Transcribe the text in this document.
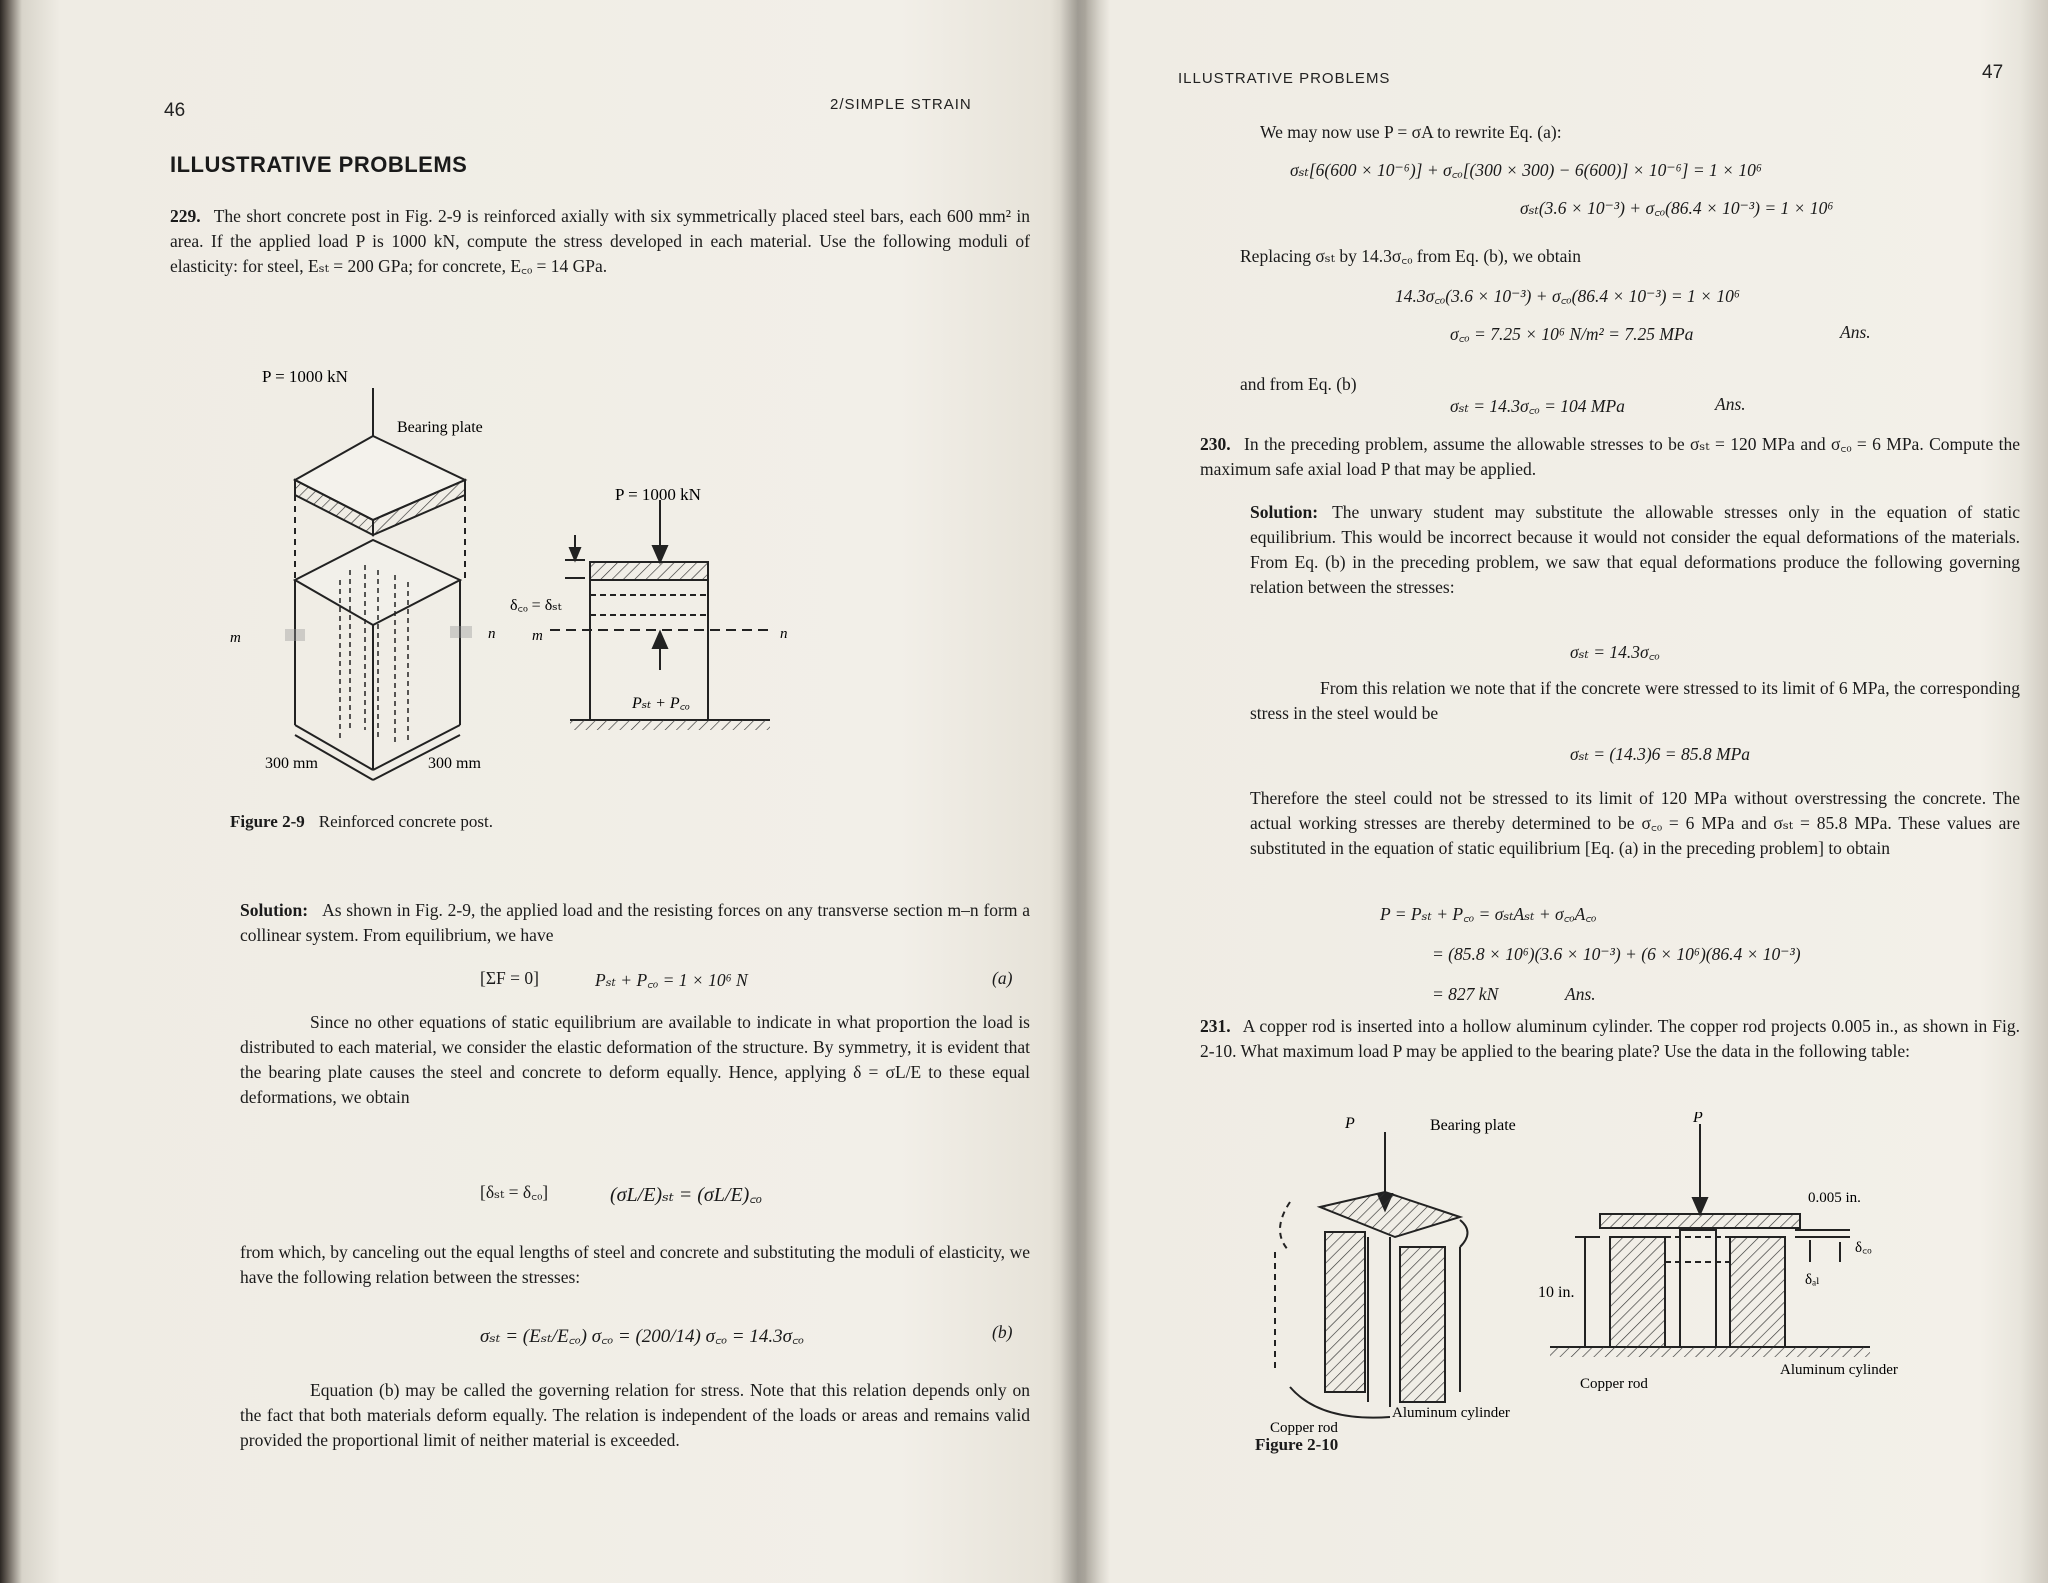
46	2/SIMPLE STRAIN
ILLUSTRATIVE PROBLEMS
229. The short concrete post in Fig. 2-9 is reinforced axially with six symmetrically placed steel bars, each 600 mm² in area. If the applied load P is 1000 kN, compute the stress developed in each material. Use the following moduli of elasticity: for steel, Eₛₜ = 200 GPa; for concrete, E꜀ₒ = 14 GPa.
P = 1000 kN
Bearing plate
m	n
300 mm	300 mm
P = 1000 kN
δ꜀ₒ = δₛₜ
m	n
Pₛₜ + P꜀ₒ
Figure 2-9 Reinforced concrete post.
Solution: As shown in Fig. 2-9, the applied load and the resisting forces on any transverse section m–n form a collinear system. From equilibrium, we have
[ΣF = 0]	Pₛₜ + P꜀ₒ = 1 × 10⁶ N	(a)
Since no other equations of static equilibrium are available to indicate in what proportion the load is distributed to each material, we consider the elastic deformation of the structure. By symmetry, it is evident that the bearing plate causes the steel and concrete to deform equally. Hence, applying δ = σL/E to these equal deformations, we obtain
[δₛₜ = δ꜀ₒ]	(σL/E)ₛₜ = (σL/E)꜀ₒ
from which, by canceling out the equal lengths of steel and concrete and substituting the moduli of elasticity, we have the following relation between the stresses:
σₛₜ = (Eₛₜ/E꜀ₒ) σ꜀ₒ = (200/14) σ꜀ₒ = 14.3σ꜀ₒ	(b)
Equation (b) may be called the governing relation for stress. Note that this relation depends only on the fact that both materials deform equally. The relation is independent of the loads or areas and remains valid provided the proportional limit of neither material is exceeded.
ILLUSTRATIVE PROBLEMS	47
We may now use P = σA to rewrite Eq. (a):
σₛₜ[6(600 × 10⁻⁶)] + σ꜀ₒ[(300 × 300) − 6(600)] × 10⁻⁶] = 1 × 10⁶
σₛₜ(3.6 × 10⁻³) + σ꜀ₒ(86.4 × 10⁻³) = 1 × 10⁶
Replacing σₛₜ by 14.3σ꜀ₒ from Eq. (b), we obtain
14.3σ꜀ₒ(3.6 × 10⁻³) + σ꜀ₒ(86.4 × 10⁻³) = 1 × 10⁶
σ꜀ₒ = 7.25 × 10⁶ N/m² = 7.25 MPa	Ans.
and from Eq. (b)
σₛₜ = 14.3σ꜀ₒ = 104 MPa	Ans.
230. In the preceding problem, assume the allowable stresses to be σₛₜ = 120 MPa and σ꜀ₒ = 6 MPa. Compute the maximum safe axial load P that may be applied.
Solution: The unwary student may substitute the allowable stresses only in the equation of static equilibrium. This would be incorrect because it would not consider the equal deformations of the materials. From Eq. (b) in the preceding problem, we saw that equal deformations produce the following governing relation between the stresses:
σₛₜ = 14.3σ꜀ₒ
From this relation we note that if the concrete were stressed to its limit of 6 MPa, the corresponding stress in the steel would be
σₛₜ = (14.3)6 = 85.8 MPa
Therefore the steel could not be stressed to its limit of 120 MPa without overstressing the concrete. The actual working stresses are thereby determined to be σ꜀ₒ = 6 MPa and σₛₜ = 85.8 MPa. These values are substituted in the equation of static equilibrium [Eq. (a) in the preceding problem] to obtain
P = Pₛₜ + P꜀ₒ = σₛₜAₛₜ + σ꜀ₒA꜀ₒ
= (85.8 × 10⁶)(3.6 × 10⁻³) + (6 × 10⁶)(86.4 × 10⁻³)
= 827 kN	Ans.
231. A copper rod is inserted into a hollow aluminum cylinder. The copper rod projects 0.005 in., as shown in Fig. 2-10. What maximum load P may be applied to the bearing plate? Use the data in the following table:
Bearing plate
P
Copper rod
Aluminum cylinder
P
0.005 in.
δ꜀ₒ
δₐₗ
10 in.
Copper rod
Aluminum cylinder
Figure 2-10
